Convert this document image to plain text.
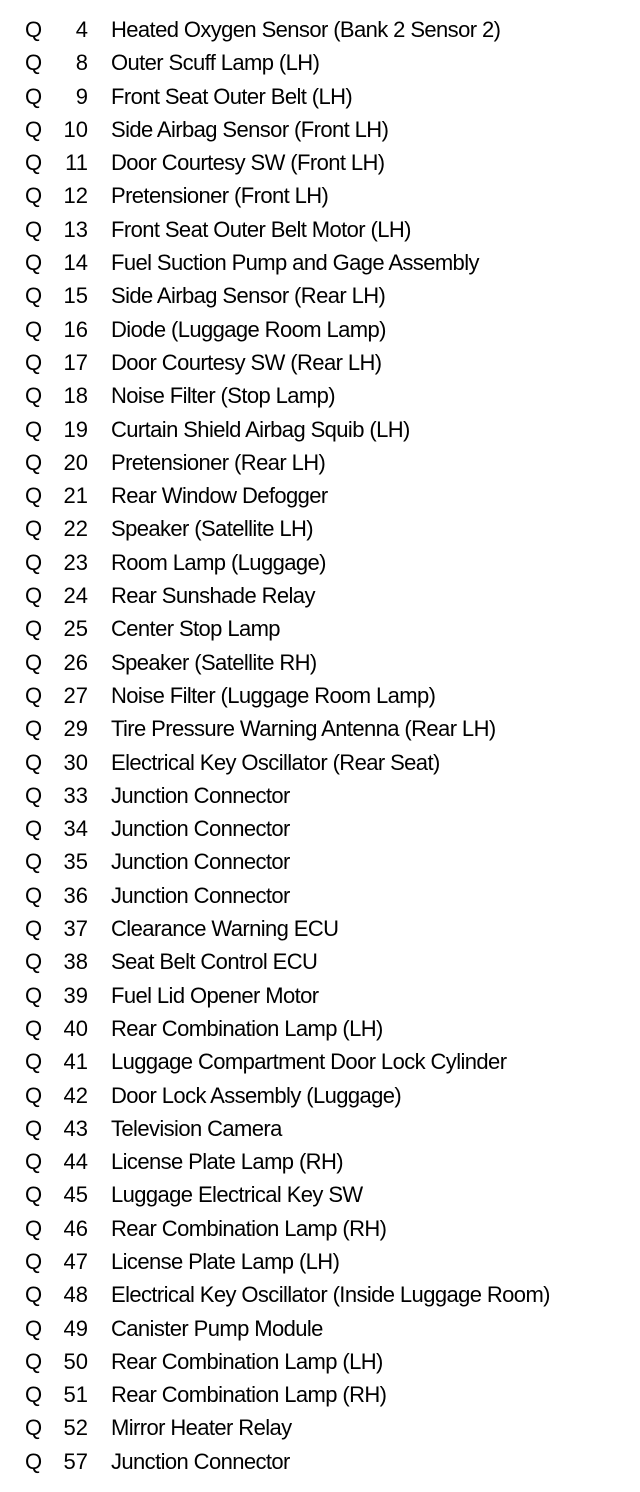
Q	4 Heated Oxygen Sensor (Bank 2 Sensor 2)
Q	8 Outer Scuff Lamp (LH)
Q	9 Front Seat Outer Belt (LH)
Q 10 Side Airbag Sensor (Front LH)
Q	11 Door Courtesy SW (Front LH)
Q 12 Pretensioner (Front LH)
Q 13 Front Seat Outer Belt Motor (LH)
Q 14 Fuel Suction Pump and Gage Assembly
Q 15 Side Airbag Sensor (Rear LH)
Q 16 Diode (Luggage Room Lamp)
Q 17 Door Courtesy SW (Rear LH)
Q 18 Noise Filter (Stop Lamp)
Q 19 Curtain Shield Airbag Squib (LH)
Q 20 Pretensioner (Rear LH)
Q 21 Rear Window Defogger
Q 22 Speaker (Satellite LH)
Q 23 Room Lamp (Luggage)
Q 24 Rear Sunshade Relay
Q 25 Center Stop Lamp
Q 26 Speaker (Satellite RH)
Q 27 Noise Filter (Luggage Room Lamp)
Q 29 Tire Pressure Warning Antenna (Rear LH)
Q 30 Electrical Key Oscillator (Rear Seat)
Q 33 Junction Connector
Q 34 Junction Connector
Q 35 Junction Connector
Q 36 Junction Connector
Q 37 Clearance Warning ECU
Q 38 Seat Belt Control ECU
Q 39 Fuel Lid Opener Motor
Q 40 Rear Combination Lamp (LH)
Q 41 Luggage Compartment Door Lock Cylinder
Q 42 Door Lock Assembly (Luggage)
Q 43 Television Camera
Q 44 License Plate Lamp (RH)
Q 45 Luggage Electrical Key SW
Q 46 Rear Combination Lamp (RH)
Q 47 License Plate Lamp (LH)
Q 48 Electrical Key Oscillator (Inside Luggage Room)
Q 49 Canister Pump Module
Q 50 Rear Combination Lamp (LH)
Q 51 Rear Combination Lamp (RH)
Q 52 Mirror Heater Relay
Q 57 Junction Connector
